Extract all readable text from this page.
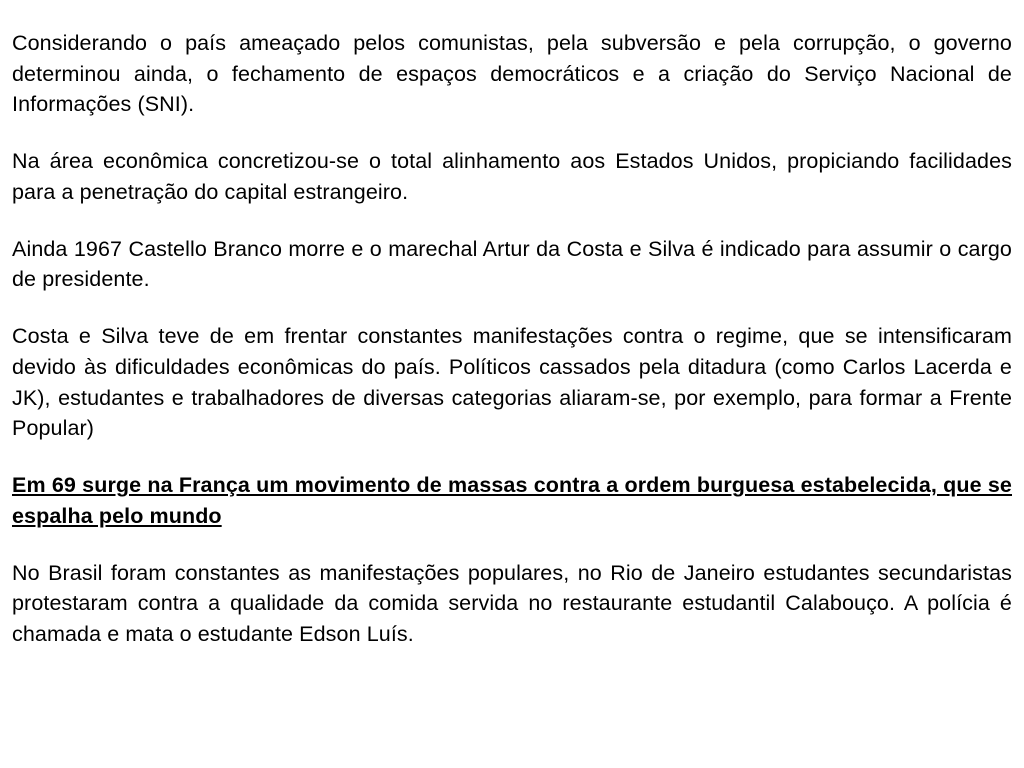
Considerando o país ameaçado pelos comunistas, pela subversão e pela corrupção, o governo determinou ainda, o fechamento de espaços democráticos e a criação do Serviço Nacional de Informações (SNI).

Na área econômica concretizou-se o total alinhamento aos Estados Unidos, propiciando facilidades para a penetração do capital estrangeiro.

Ainda 1967 Castello Branco morre e o marechal Artur da Costa e Silva é indicado para assumir o cargo de presidente.

Costa e Silva teve de em frentar constantes manifestações contra o regime, que se intensificaram devido às dificuldades econômicas do país. Políticos cassados pela ditadura (como Carlos Lacerda e JK), estudantes e trabalhadores de diversas categorias aliaram-se, por exemplo, para formar a Frente Popular)

Em 69 surge na França um movimento de massas contra a ordem burguesa estabelecida, que se espalha pelo mundo

No Brasil foram constantes as manifestações populares, no Rio de Janeiro estudantes secundaristas protestaram contra a qualidade da comida servida no restaurante estudantil Calabouço. A polícia é chamada e mata o estudante Edson Luís.
